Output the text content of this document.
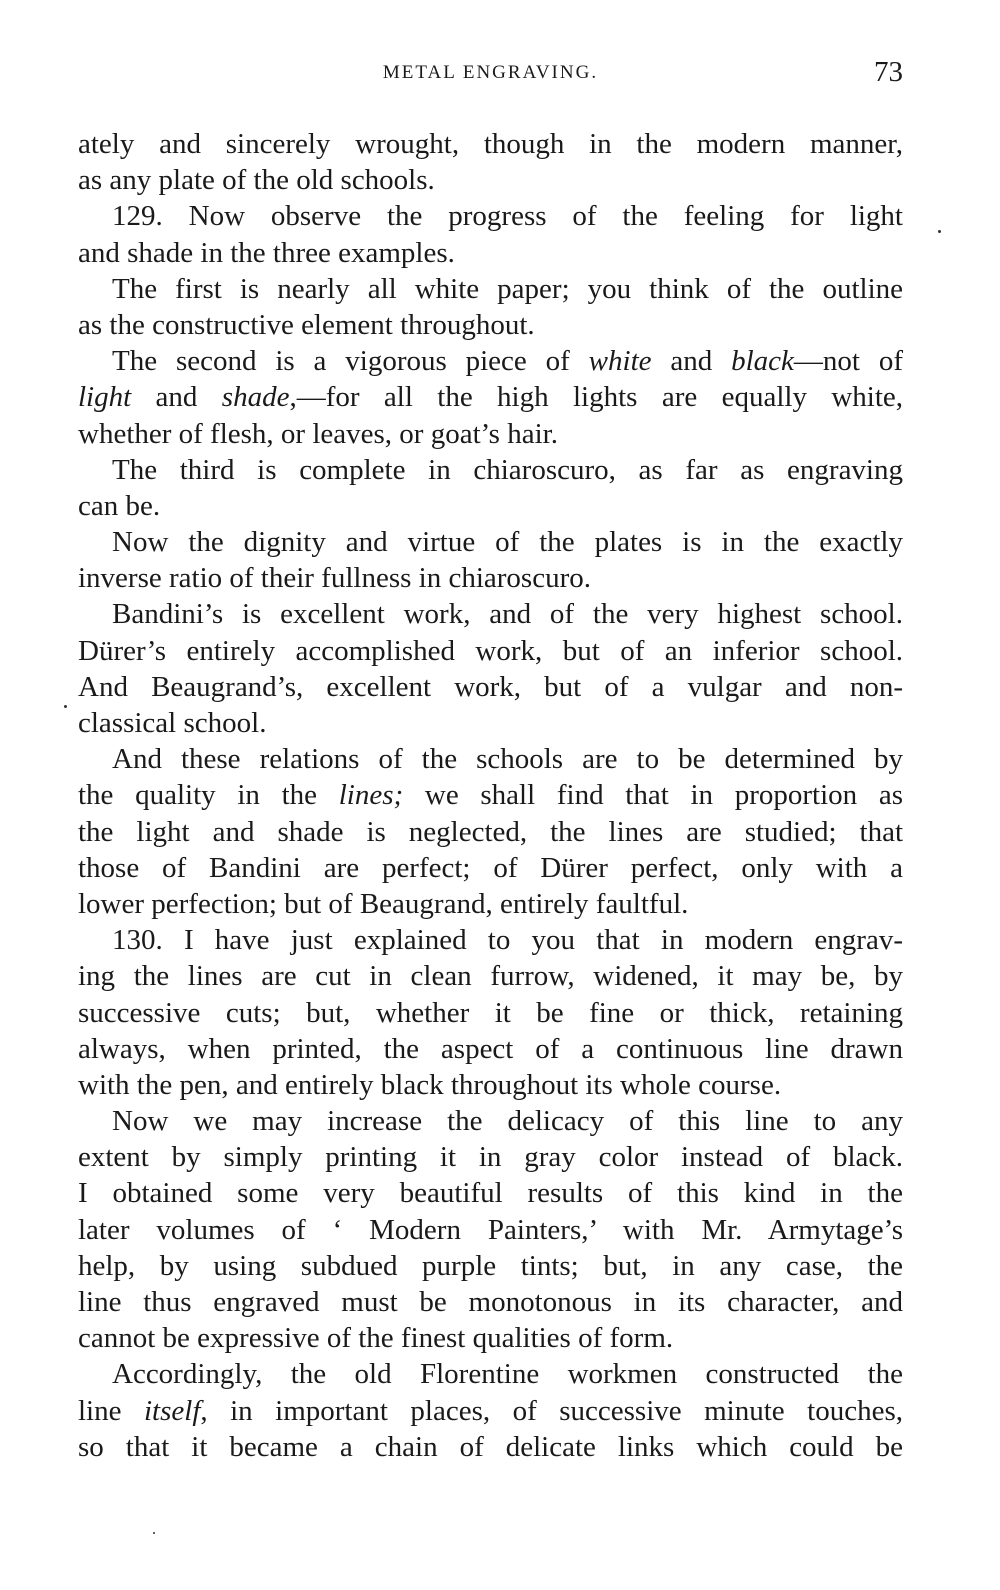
METAL ENGRAVING.	73
ately and sincerely wrought, though in the modern manner,
as any plate of the old schools.
129. Now observe the progress of the feeling for light
and shade in the three examples.
The first is nearly all white paper; you think of the outline
as the constructive element throughout.
The second is a vigorous piece of white and black—not of
light and shade,—for all the high lights are equally white,
whether of flesh, or leaves, or goat’s hair.
The third is complete in chiaroscuro, as far as engraving
can be.
Now the dignity and virtue of the plates is in the exactly
inverse ratio of their fullness in chiaroscuro.
Bandini’s is excellent work, and of the very highest school.
Dürer’s entirely accomplished work, but of an inferior school.
And Beaugrand’s, excellent work, but of a vulgar and non-
classical school.
And these relations of the schools are to be determined by
the quality in the lines; we shall find that in proportion as
the light and shade is neglected, the lines are studied; that
those of Bandini are perfect; of Dürer perfect, only with a
lower perfection; but of Beaugrand, entirely faultful.
130. I have just explained to you that in modern engrav-
ing the lines are cut in clean furrow, widened, it may be, by
successive cuts; but, whether it be fine or thick, retaining
always, when printed, the aspect of a continuous line drawn
with the pen, and entirely black throughout its whole course.
Now we may increase the delicacy of this line to any
extent by simply printing it in gray color instead of black.
I obtained some very beautiful results of this kind in the
later volumes of ‘ Modern Painters,’ with Mr. Armytage’s
help, by using subdued purple tints; but, in any case, the
line thus engraved must be monotonous in its character, and
cannot be expressive of the finest qualities of form.
Accordingly, the old Florentine workmen constructed the
line itself, in important places, of successive minute touches,
so that it became a chain of delicate links which could be
